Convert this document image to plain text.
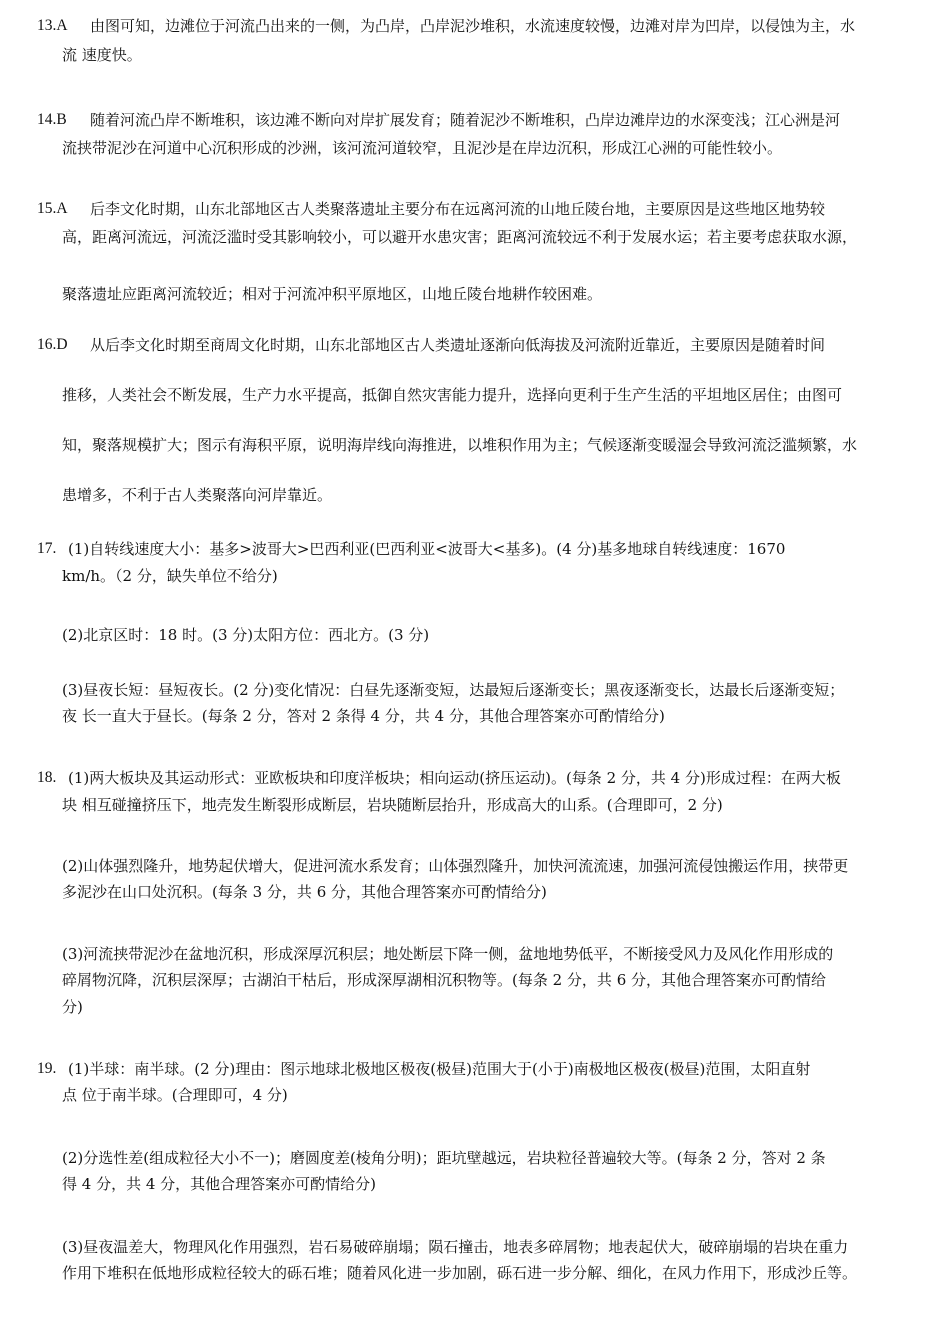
13.A 由图可知，边滩位于河流凸出来的一侧，为凸岸，凸岸泥沙堆积，水流速度较慢，边滩对岸为凹岸，以侵蚀为主，水
流 速度快。
14.B 随着河流凸岸不断堆积，该边滩不断向对岸扩展发育；随着泥沙不断堆积，凸岸边滩岸边的水深变浅；江心洲是河
流挟带泥沙在河道中心沉积形成的沙洲，该河流河道较窄，且泥沙是在岸边沉积，形成江心洲的可能性较小。
15.A 后李文化时期，山东北部地区古人类聚落遗址主要分布在远离河流的山地丘陵台地，主要原因是这些地区地势较
高，距离河流远，河流泛滥时受其影响较小，可以避开水患灾害；距离河流较远不利于发展水运；若主要考虑获取水源，
聚落遗址应距离河流较近；相对于河流冲积平原地区，山地丘陵台地耕作较困难。
16.D 从后李文化时期至商周文化时期，山东北部地区古人类遗址逐渐向低海拔及河流附近靠近，主要原因是随着时间
推移，人类社会不断发展，生产力水平提高，抵御自然灾害能力提升，选择向更利于生产生活的平坦地区居住；由图可
知，聚落规模扩大；图示有海积平原，说明海岸线向海推进，以堆积作用为主；气候逐渐变暖湿会导致河流泛滥频繁，水
患增多，不利于古人类聚落向河岸靠近。
17. (1)自转线速度大小：基多>波哥大>巴西利亚(巴西利亚<波哥大<基多)。(4 分)基多地球自转线速度：1670
km/h。（2 分，缺失单位不给分)
(2)北京区时：18 时。(3 分)太阳方位：西北方。(3 分)
(3)昼夜长短：昼短夜长。(2 分)变化情况：白昼先逐渐变短，达最短后逐渐变长；黑夜逐渐变长，达最长后逐渐变短；
夜 长一直大于昼长。(每条 2 分，答对 2 条得 4 分，共 4 分，其他合理答案亦可酌情给分)
18. (1)两大板块及其运动形式：亚欧板块和印度洋板块；相向运动(挤压运动)。(每条 2 分，共 4 分)形成过程：在两大板
块 相互碰撞挤压下，地壳发生断裂形成断层，岩块随断层抬升，形成高大的山系。(合理即可，2 分)
(2)山体强烈隆升，地势起伏增大，促进河流水系发育；山体强烈隆升，加快河流流速，加强河流侵蚀搬运作用，挟带更
多泥沙在山口处沉积。(每条 3 分，共 6 分，其他合理答案亦可酌情给分)
(3)河流挟带泥沙在盆地沉积，形成深厚沉积层；地处断层下降一侧，盆地地势低平，不断接受风力及风化作用形成的
碎屑物沉降，沉积层深厚；古湖泊干枯后，形成深厚湖相沉积物等。(每条 2 分，共 6 分，其他合理答案亦可酌情给
分)
19. (1)半球：南半球。(2 分)理由：图示地球北极地区极夜(极昼)范围大于(小于)南极地区极夜(极昼)范围，太阳直射
点 位于南半球。(合理即可，4 分)
(2)分选性差(组成粒径大小不一)；磨圆度差(棱角分明)；距坑壁越远，岩块粒径普遍较大等。(每条 2 分，答对 2 条
得 4 分，共 4 分，其他合理答案亦可酌情给分)
(3)昼夜温差大，物理风化作用强烈，岩石易破碎崩塌；陨石撞击，地表多碎屑物；地表起伏大，破碎崩塌的岩块在重力
作用下堆积在低地形成粒径较大的砾石堆；随着风化进一步加剧，砾石进一步分解、细化，在风力作用下，形成沙丘等。
